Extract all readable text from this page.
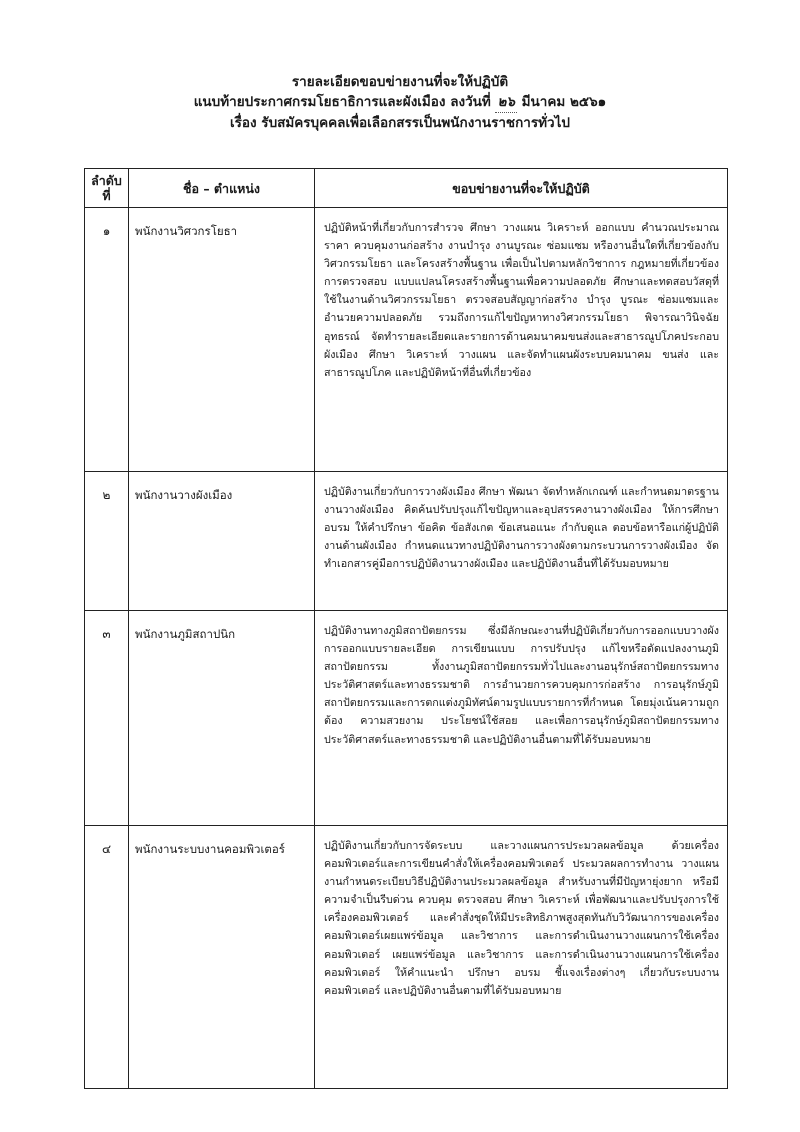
รายละเอียดขอบข่ายงานที่จะให้ปฏิบัติ
แนบท้ายประกาศกรมโยธาธิการและผังเมือง ลงวันที่ ๒๖ มีนาคม ๒๕๖๑
เรื่อง รับสมัครบุคคลเพื่อเลือกสรรเป็นพนักงานราชการทั่วไป
ลำดับ
ที่	ชื่อ – ตำแหน่ง	ขอบข่ายงานที่จะให้ปฏิบัติ
๑	พนักงานวิศวกรโยธา	ปฏิบัติหน้าที่เกี่ยวกับการสำรวจ ศึกษา วางแผน วิเคราะห์ ออกแบบ คำนวณประมาณราคา ควบคุมงานก่อสร้าง งานบำรุง งานบูรณะ ซ่อมแซม หรืองานอื่นใดที่เกี่ยวข้องกับวิศวกรรมโยธา และโครงสร้างพื้นฐาน เพื่อเป็นไปตามหลักวิชาการ กฎหมายที่เกี่ยวข้อง การตรวจสอบ แบบแปลนโครงสร้างพื้นฐานเพื่อความปลอดภัย ศึกษาและทดสอบวัสดุที่ใช้ในงานด้านวิศวกรรมโยธา ตรวจสอบสัญญาก่อสร้าง บำรุง บูรณะ ซ่อมแซมและอำนวยความปลอดภัย รวมถึงการแก้ไขปัญหาทางวิศวกรรมโยธา พิจารณาวินิจฉัยอุทธรณ์ จัดทำรายละเอียดและรายการด้านคมนาคมขนส่งและสาธารณูปโภคประกอบผังเมือง ศึกษา วิเคราะห์ วางแผน และจัดทำแผนผังระบบคมนาคม ขนส่ง และสาธารณูปโภค และปฏิบัติหน้าที่อื่นที่เกี่ยวข้อง
๒	พนักงานวางผังเมือง	ปฏิบัติงานเกี่ยวกับการวางผังเมือง ศึกษา พัฒนา จัดทำหลักเกณฑ์ และกำหนดมาตรฐานงานวางผังเมือง คิดค้นปรับปรุงแก้ไขปัญหาและอุปสรรคงานวางผังเมือง ให้การศึกษาอบรม ให้คำปรึกษา ข้อคิด ข้อสังเกต ข้อเสนอแนะ กำกับดูแล ตอบข้อหารือแก่ผู้ปฏิบัติงานด้านผังเมือง กำหนดแนวทางปฏิบัติงานการวางผังตามกระบวนการวางผังเมือง จัดทำเอกสารคู่มือการปฏิบัติงานวางผังเมือง และปฏิบัติงานอื่นที่ได้รับมอบหมาย
๓	พนักงานภูมิสถาปนิก	ปฏิบัติงานทางภูมิสถาปัตยกรรม ซึ่งมีลักษณะงานที่ปฏิบัติเกี่ยวกับการออกแบบวางผัง การออกแบบรายละเอียด การเขียนแบบ การปรับปรุง แก้ไขหรือดัดแปลงงานภูมิสถาปัตยกรรม ทั้งงานภูมิสถาปัตยกรรมทั่วไปและงานอนุรักษ์สถาปัตยกรรมทางประวัติศาสตร์และทางธรรมชาติ การอำนวยการควบคุมการก่อสร้าง การอนุรักษ์ภูมิสถาปัตยกรรมและการตกแต่งภูมิทัศน์ตามรูปแบบรายการที่กำหนด โดยมุ่งเน้นความถูกต้อง ความสวยงาม ประโยชน์ใช้สอย และเพื่อการอนุรักษ์ภูมิสถาปัตยกรรมทางประวัติศาสตร์และทางธรรมชาติ และปฏิบัติงานอื่นตามที่ได้รับมอบหมาย
๔	พนักงานระบบงานคอมพิวเตอร์	ปฏิบัติงานเกี่ยวกับการจัดระบบ และวางแผนการประมวลผลข้อมูล ด้วยเครื่องคอมพิวเตอร์และการเขียนคำสั่งให้เครื่องคอมพิวเตอร์ ประมวลผลการทำงาน วางแผนงานกำหนดระเบียบวิธีปฏิบัติงานประมวลผลข้อมูล สำหรับงานที่มีปัญหายุ่งยาก หรือมีความจำเป็นรีบด่วน ควบคุม ตรวจสอบ ศึกษา วิเคราะห์ เพื่อพัฒนาและปรับปรุงการใช้เครื่องคอมพิวเตอร์ และคำสั่งชุดให้มีประสิทธิภาพสูงสุดทันกับวิวัฒนาการของเครื่องคอมพิวเตอร์เผยแพร่ข้อมูล และวิชาการ และการดำเนินงานวางแผนการใช้เครื่องคอมพิวเตอร์ เผยแพร่ข้อมูล และวิชาการ และการดำเนินงานวางแผนการใช้เครื่องคอมพิวเตอร์ ให้คำแนะนำ ปรึกษา อบรม ชี้แจงเรื่องต่างๆ เกี่ยวกับระบบงานคอมพิวเตอร์ และปฏิบัติงานอื่นตามที่ได้รับมอบหมาย
